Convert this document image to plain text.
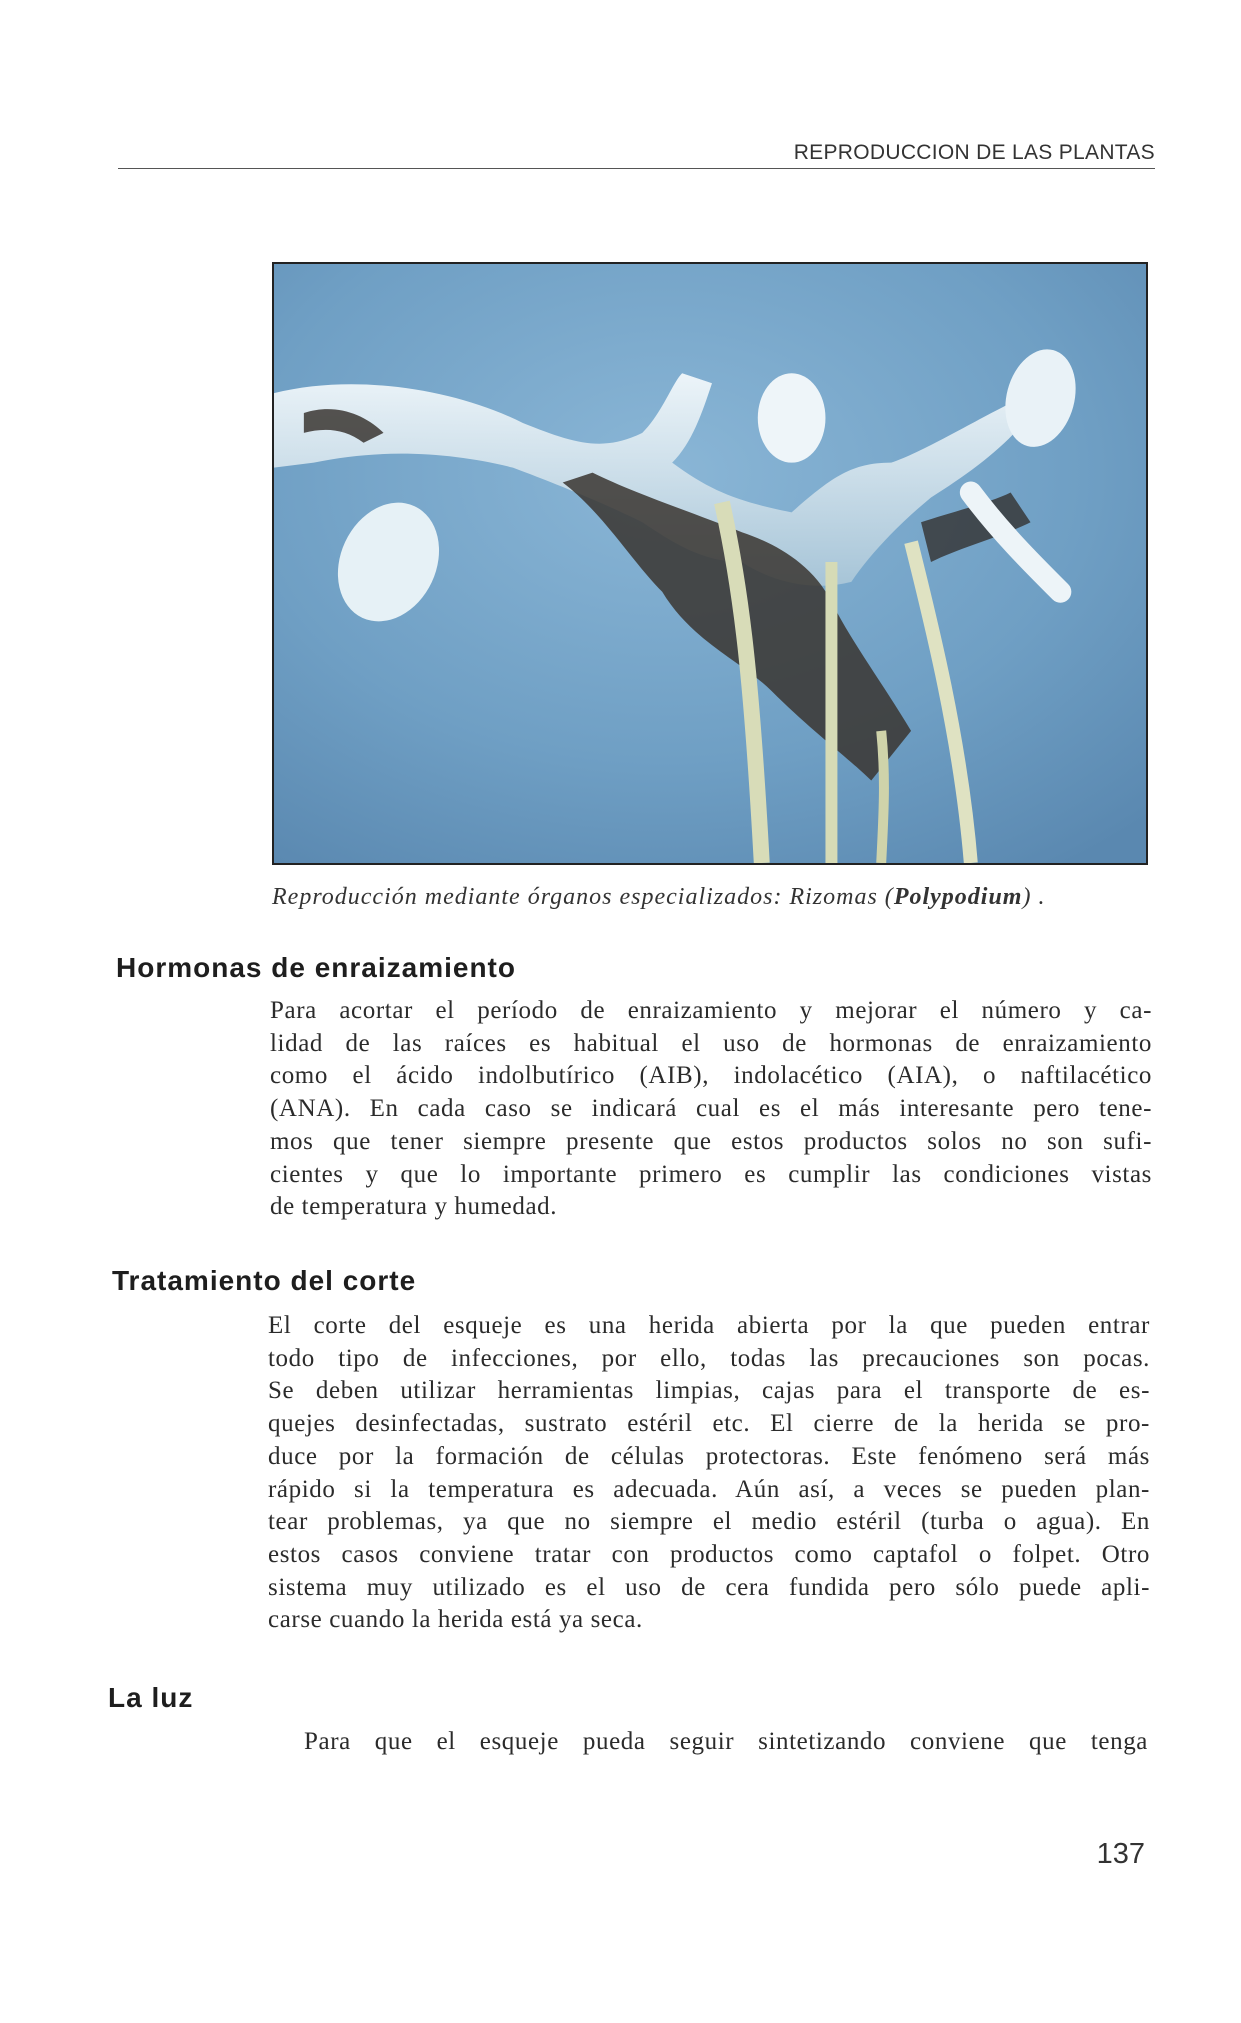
REPRODUCCION DE LAS PLANTAS
Reproducción mediante órganos especializados: Rizomas (Polypodium) .
Hormonas de enraizamiento
Para acortar el período de enraizamiento y mejorar el número y ca-
lidad de las raíces es habitual el uso de hormonas de enraizamiento
como el ácido indolbutírico (AIB), indolacético (AIA), o naftilacético
(ANA). En cada caso se indicará cual es el más interesante pero tene-
mos que tener siempre presente que estos productos solos no son sufi-
cientes y que lo importante primero es cumplir las condiciones vistas
de temperatura y humedad.
Tratamiento del corte
El corte del esqueje es una herida abierta por la que pueden entrar
todo tipo de infecciones, por ello, todas las precauciones son pocas.
Se deben utilizar herramientas limpias, cajas para el transporte de es-
quejes desinfectadas, sustrato estéril etc. El cierre de la herida se pro-
duce por la formación de células protectoras. Este fenómeno será más
rápido si la temperatura es adecuada. Aún así, a veces se pueden plan-
tear problemas, ya que no siempre el medio estéril (turba o agua). En
estos casos conviene tratar con productos como captafol o folpet. Otro
sistema muy utilizado es el uso de cera fundida pero sólo puede apli-
carse cuando la herida está ya seca.
La luz
Para que el esqueje pueda seguir sintetizando conviene que tenga
137
